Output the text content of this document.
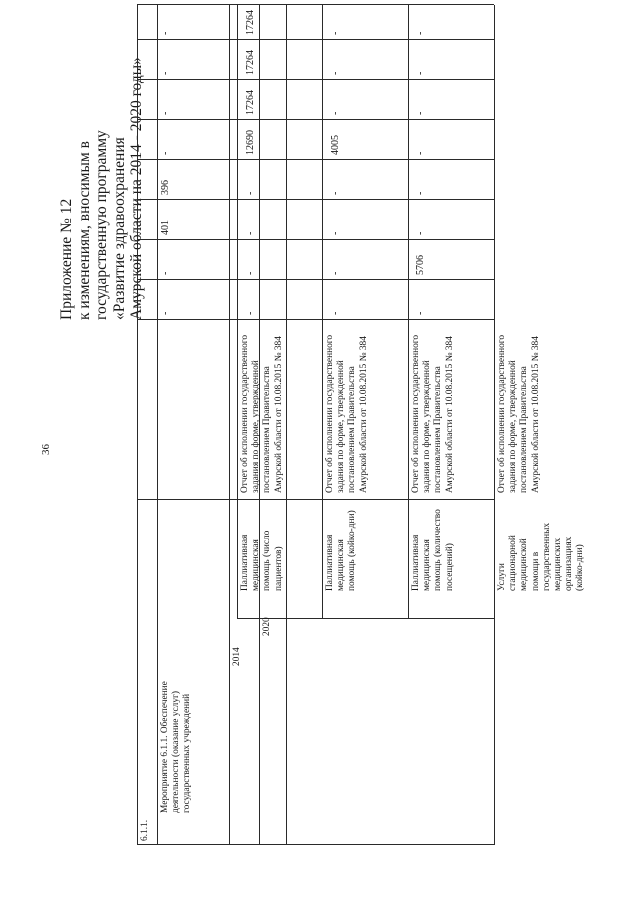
36
Приложение № 12 к изменениям, вносимым в государственную программу «Развитие здравоохранения Амурской области на 2014 - 2020 годы»
6.1.1.
Мероприятие 6.1.1. Обеспечение деятельности (оказание услуг) государственных учреждений
2014
2020
Паллиативная медицинская помощь (число пациентов)
Отчет об исполнении государственного задания по форме, утвержденной постановлением Правительства Амурской области от 10.08.2015 № 384
Паллиативная медицинская помощь (койко-дни)
Отчет об исполнении государственного задания по форме, утвержденной постановлением Правительства Амурской области от 10.08.2015 № 384
Паллиативная медицинская помощь (количество посещений)
Отчет об исполнении государственного задания по форме, утвержденной постановлением Правительства Амурской области от 10.08.2015 № 384
Услуги стационарной медицинской помощи в государственных медицинских организациях (койко-дни)
Отчет об исполнении государственного задания по форме, утвержденной постановлением Правительства Амурской области от 10.08.2015 № 384
-
-
401
396
-
-
-
-
-
-
-
-
12690
17264
17264
17264
-
-
-
-
4005
-
-
-
-
5706
-
-
-
-
-
-
